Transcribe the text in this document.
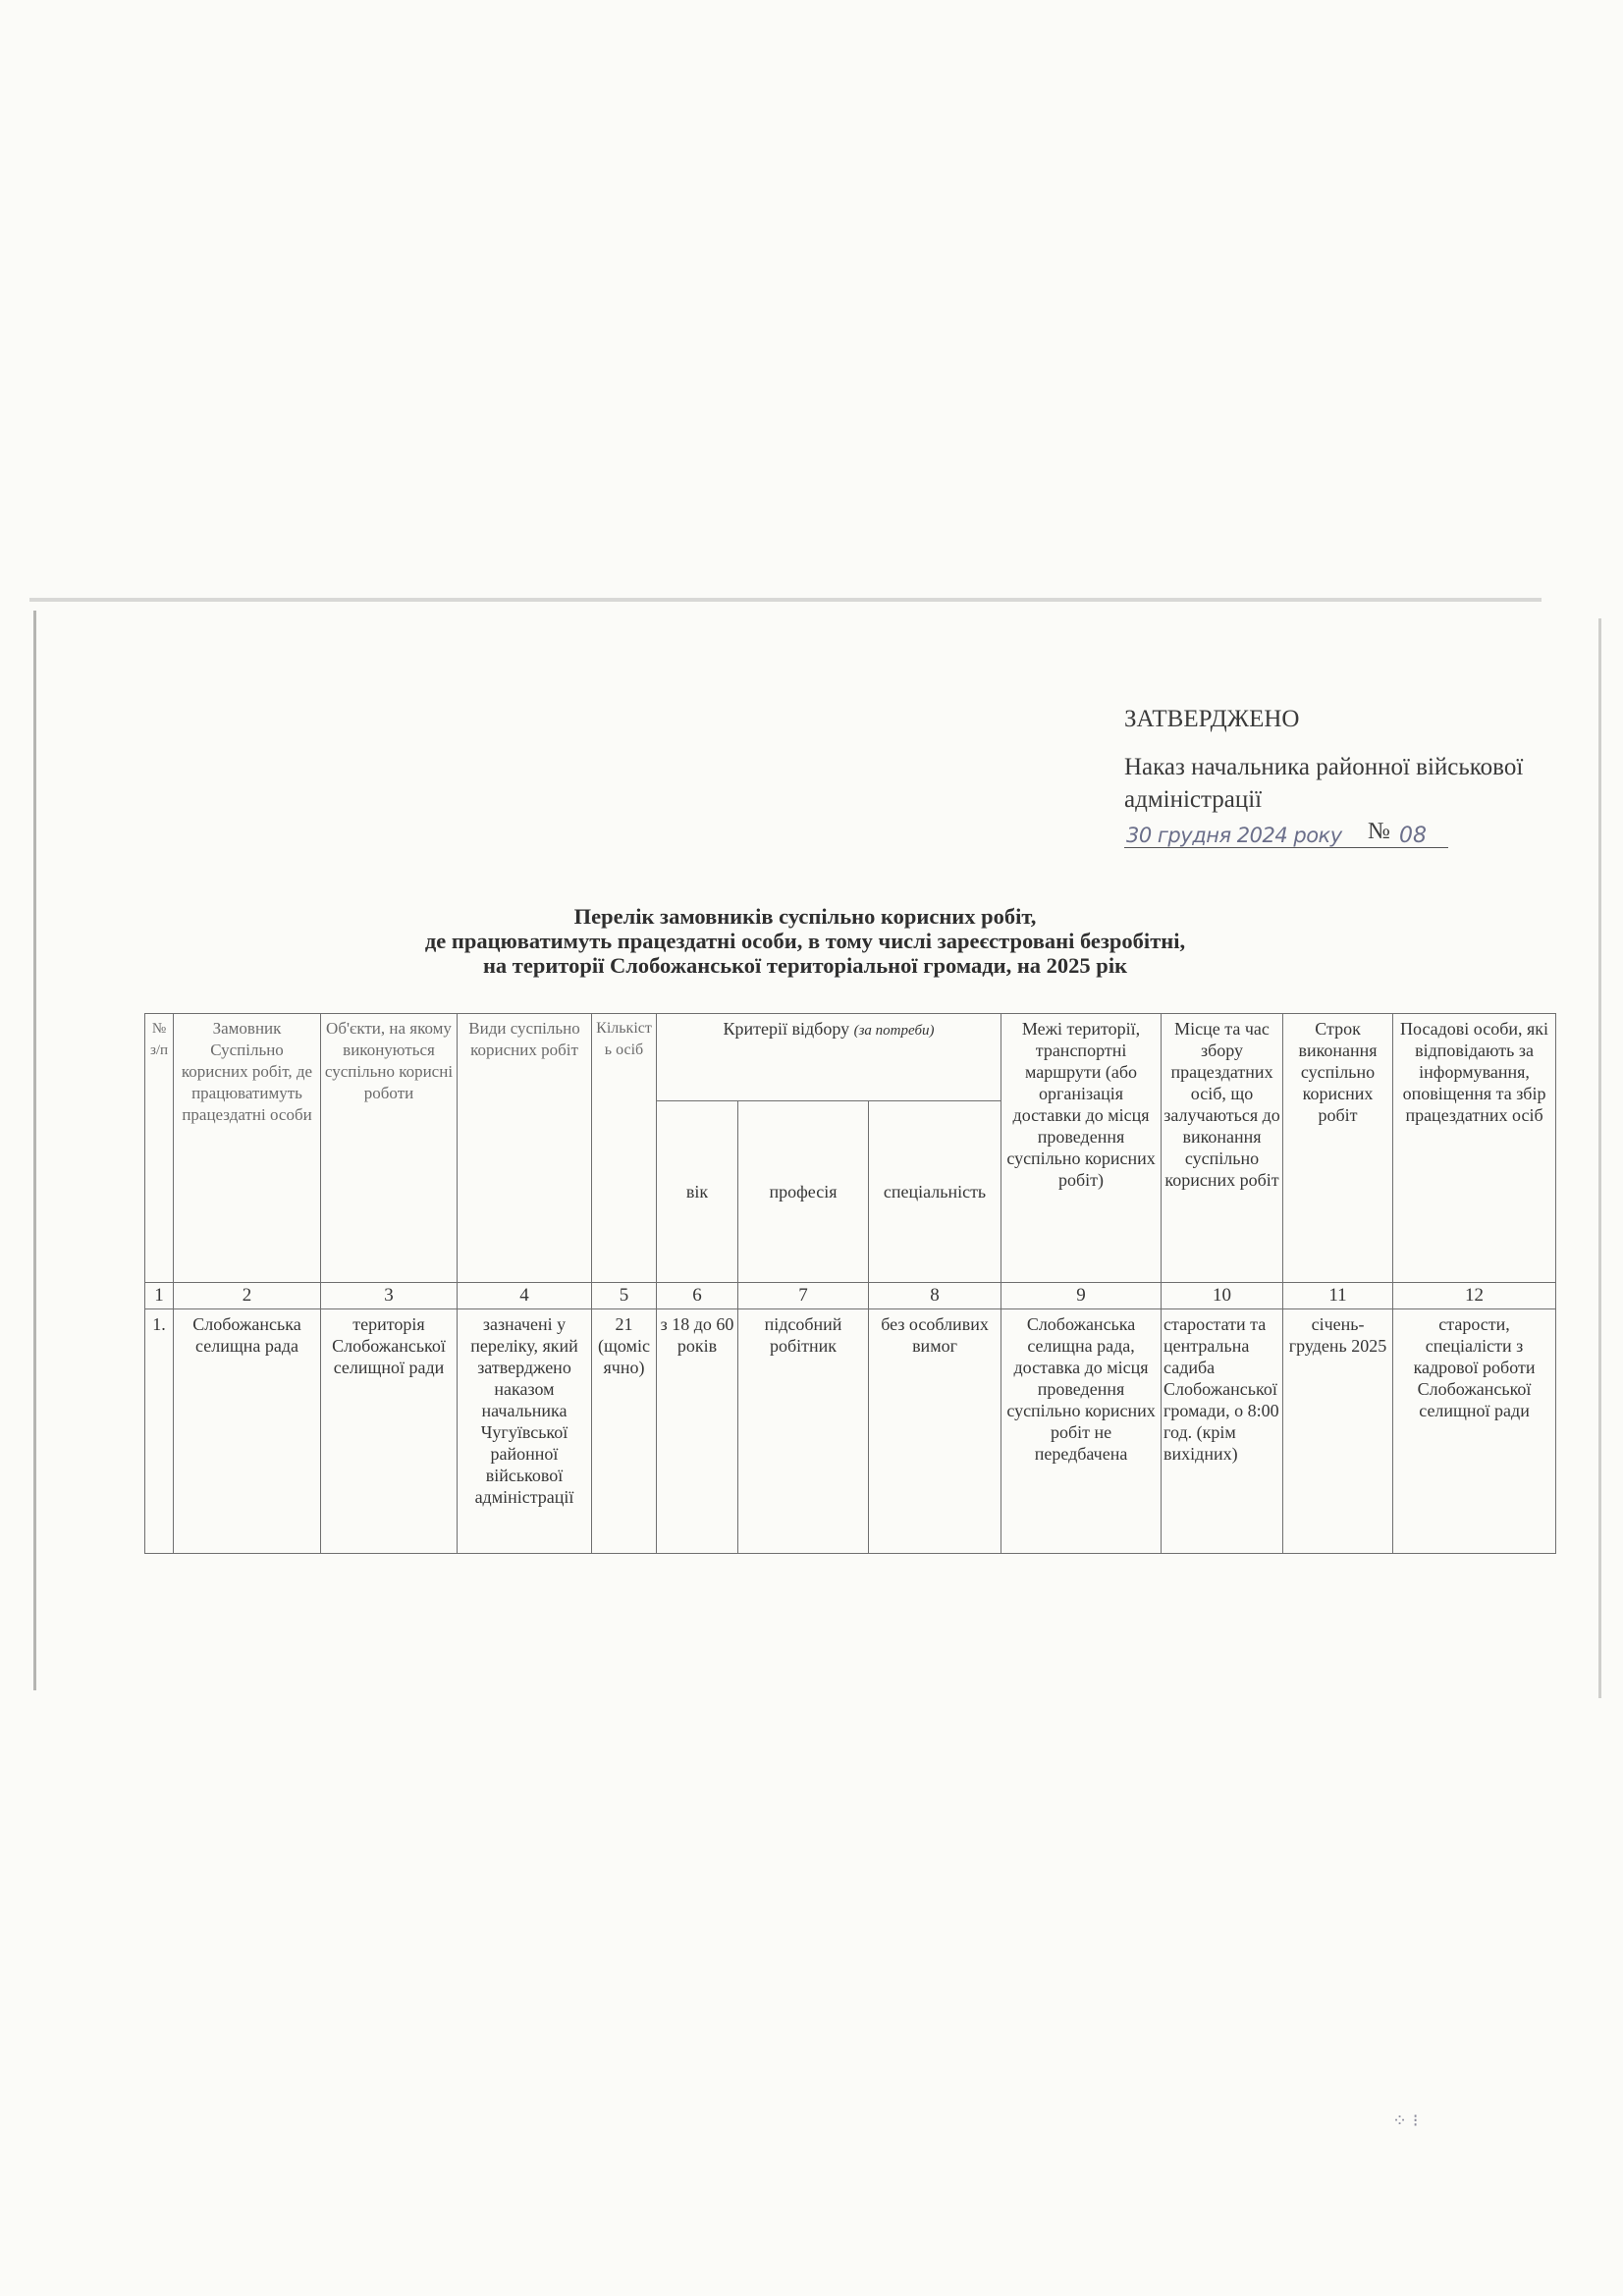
ЗАТВЕРДЖЕНО
Наказ начальника районної військової адміністрації
30 грудня 2024 року № 08
Перелік замовників суспільно корисних робіт,
де працюватимуть працездатні особи, в тому числі зареєстровані безробітні,
на території Слобожанської територіальної громади, на 2025 рік
№ з/п	Замовник Суспільно корисних робіт, де працюватимуть працездатні особи	Об'єкти, на якому виконуються суспільно корисні роботи	Види суспільно корисних робіт	Кількість осіб	Критерії відбору (за потреби)			Межі території, транспортні маршрути (або організація доставки до місця проведення суспільно корисних робіт)	Місце та час збору працездатних осіб, що залучаються до виконання суспільно корисних робіт	Строк виконання суспільно корисних робіт	Посадові особи, які відповідають за інформування, оповіщення та збір працездатних осіб
					вік	професія	спеціальність				
1	2	3	4	5	6	7	8	9	10	11	12
1.	Слобожанська селищна рада	територія Слобожанської селищної ради	зазначені у переліку, який затверджено наказом начальника Чугуївської районної військової адміністрації	21 (щомісячно)	з 18 до 60 років	підсобний робітник	без особливих вимог	Слобожанська селищна рада, доставка до місця проведення суспільно корисних робіт не передбачена	старостати та центральна садиба Слобожанської громади, о 8:00 год. (крім вихідних)	січень-грудень 2025	старости, спеціалісти з кадрової роботи Слобожанської селищної ради
⁘ ⁝
